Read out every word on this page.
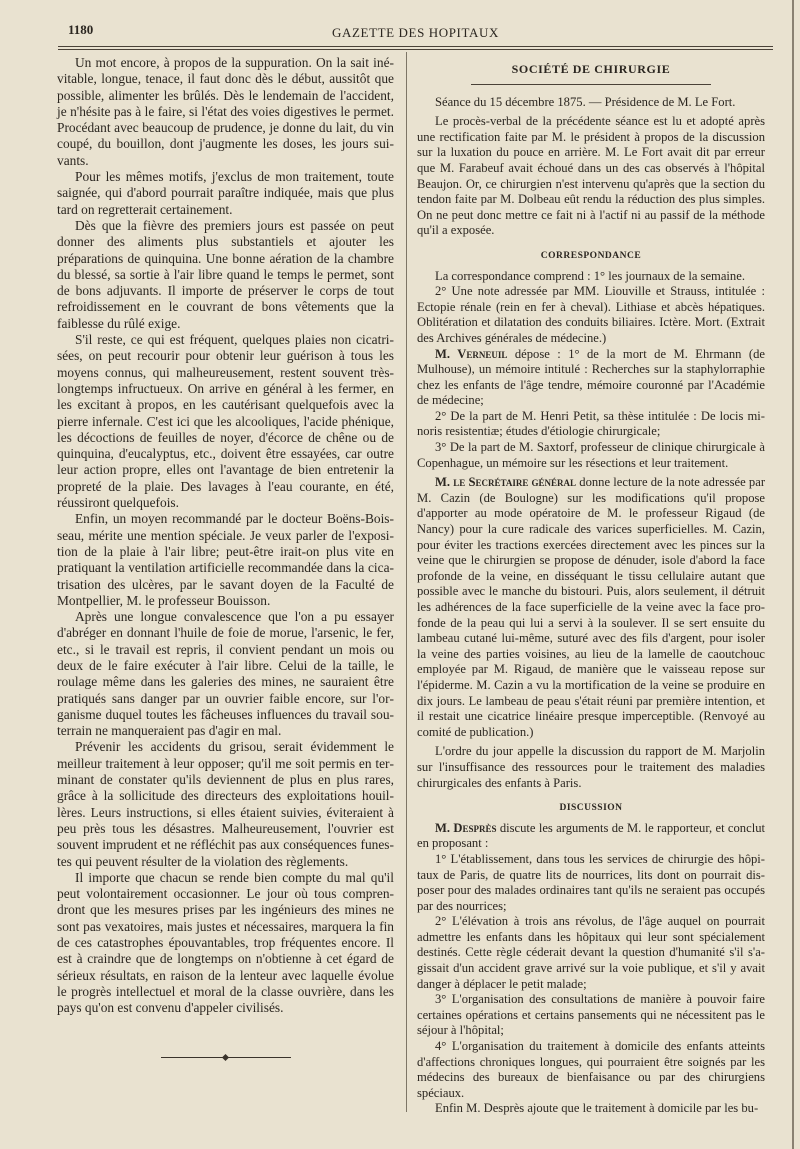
1180	GAZETTE DES HOPITAUX

Un mot encore, à propos de la suppuration. On la sait inévitable, longue, tenace, il faut donc dès le début, aussitôt que possible, alimenter les brûlés. Dès le lendemain de l'accident, je n'hésite pas à le faire, si l'état des voies digestives le permet. Procédant avec beaucoup de prudence, je donne du lait, du vin coupé, du bouillon, dont j'augmente les doses, les jours suivants.

Pour les mêmes motifs, j'exclus de mon traitement, toute saignée, qui d'abord pourrait paraître indiquée, mais que plus tard on regretterait certainement.

Dès que la fièvre des premiers jours est passée on peut donner des aliments plus substantiels et ajouter les préparations de quinquina. Une bonne aération de la chambre du blessé, sa sortie à l'air libre quand le temps le permet, sont de bons adjuvants. Il importe de préserver le corps de tout refroidissement en le couvrant de bons vêtements que la faiblesse du rûlé exige.

S'il reste, ce qui est fréquent, quelques plaies non cicatrisées, on peut recourir pour obtenir leur guérison à tous les moyens connus, qui malheureusement, restent souvent très-longtemps infructueux. On arrive en général à les fermer, en les excitant à propos, en les cautérisant quelquefois avec la pierre infernale. C'est ici que les alcooliques, l'acide phénique, les décoctions de feuilles de noyer, d'écorce de chêne ou de quinquina, d'eucalyptus, etc., doivent être essayées, car outre leur action propre, elles ont l'avantage de bien entretenir la propreté de la plaie. Des lavages à l'eau courante, en été, réussiront quelquefois.

Enfin, un moyen recommandé par le docteur Boëns-Boisseau, mérite une mention spéciale. Je veux parler de l'exposition de la plaie à l'air libre; peut-être irait-on plus vite en pratiquant la ventilation artificielle recommandée dans la cicatrisation des ulcères, par le savant doyen de la Faculté de Montpellier, M. le professeur Bouisson.

Après une longue convalescence que l'on a pu essayer d'abréger en donnant l'huile de foie de morue, l'arsenic, le fer, etc., si le travail est repris, il convient pendant un mois ou deux de le faire exécuter à l'air libre. Celui de la taille, le roulage même dans les galeries des mines, ne sauraient être pratiqués sans danger par un ouvrier faible encore, sur l'organisme duquel toutes les fâcheuses influences du travail souterrain ne manqueraient pas d'agir en mal.

Prévenir les accidents du grisou, serait évidemment le meilleur traitement à leur opposer; qu'il me soit permis en terminant de constater qu'ils deviennent de plus en plus rares, grâce à la sollicitude des directeurs des exploitations houillères. Leurs instructions, si elles étaient suivies, éviteraient à peu près tous les désastres. Malheureusement, l'ouvrier est souvent imprudent et ne réfléchit pas aux conséquences funestes qui peuvent résulter de la violation des règlements.

Il importe que chacun se rende bien compte du mal qu'il peut volontairement occasionner. Le jour où tous comprendront que les mesures prises par les ingénieurs des mines ne sont pas vexatoires, mais justes et nécessaires, marquera la fin de ces catastrophes épouvantables, trop fréquentes encore. Il est à craindre que de longtemps on n'obtienne à cet égard de sérieux résultats, en raison de la lenteur avec laquelle évolue le progrès intellectuel et moral de la classe ouvrière, dans les pays qu'on est convenu d'appeler civilisés.

SOCIÉTÉ DE CHIRURGIE

Séance du 15 décembre 1875. — Présidence de M. Le Fort.

Le procès-verbal de la précédente séance est lu et adopté après une rectification faite par M. le président à propos de la discussion sur la luxation du pouce en arrière. M. Le Fort avait dit par erreur que M. Farabeuf avait échoué dans un des cas observés à l'hôpital Beaujon. Or, ce chirurgien n'est intervenu qu'après que la section du tendon faite par M. Dolbeau eût rendu la réduction des plus simples. On ne peut donc mettre ce fait ni à l'actif ni au passif de la méthode qu'il a exposée.

CORRESPONDANCE

La correspondance comprend : 1° les journaux de la semaine.

2° Une note adressée par MM. Liouville et Strauss, intitulée : Ectopie rénale (rein en fer à cheval). Lithiase et abcès hépatiques. Oblitération et dilatation des conduits biliaires. Ictère. Mort. (Extrait des Archives générales de médecine.)

M. Verneuil dépose : 1° de la mort de M. Ehrmann (de Mulhouse), un mémoire intitulé : Recherches sur la staphylorraphie chez les enfants de l'âge tendre, mémoire couronné par l'Académie de médecine;

2° De la part de M. Henri Petit, sa thèse intitulée : De locis minoris resistentiæ; études d'étiologie chirurgicale;

3° De la part de M. Saxtorf, professeur de clinique chirurgicale à Copenhague, un mémoire sur les résections et leur traitement.

M. le Secrétaire général donne lecture de la note adressée par M. Cazin (de Boulogne) sur les modifications qu'il propose d'apporter au mode opératoire de M. le professeur Rigaud (de Nancy) pour la cure radicale des varices superficielles. M. Cazin, pour éviter les tractions exercées directement avec les pinces sur la veine que le chirurgien se propose de dénuder, isole d'abord la face profonde de la veine, en disséquant le tissu cellulaire autant que possible avec le manche du bistouri. Puis, alors seulement, il détruit les adhérences de la face superficielle de la veine avec la face profonde de la peau qui lui a servi à la soulever. Il se sert ensuite du lambeau cutané lui-même, suturé avec des fils d'argent, pour isoler la veine des parties voisines, au lieu de la lamelle de caoutchouc employée par M. Rigaud, de manière que le vaisseau repose sur l'épiderme. M. Cazin a vu la mortification de la veine se produire en dix jours. Le lambeau de peau s'était réuni par première intention, et il restait une cicatrice linéaire presque imperceptible. (Renvoyé au comité de publication.)

L'ordre du jour appelle la discussion du rapport de M. Marjolin sur l'insuffisance des ressources pour le traitement des maladies chirurgicales des enfants à Paris.

DISCUSSION

M. Desprès discute les arguments de M. le rapporteur, et conclut en proposant :

1° L'établissement, dans tous les services de chirurgie des hôpitaux de Paris, de quatre lits de nourrices, lits dont on pourrait disposer pour des malades ordinaires tant qu'ils ne seraient pas occupés par des nourrices;

2° L'élévation à trois ans révolus, de l'âge auquel on pourrait admettre les enfants dans les hôpitaux qui leur sont spécialement destinés. Cette règle céderait devant la question d'humanité s'il s'agissait d'un accident grave arrivé sur la voie publique, et s'il y avait danger à déplacer le petit malade;

3° L'organisation des consultations de manière à pouvoir faire certaines opérations et certains pansements qui ne nécessitent pas le séjour à l'hôpital;

4° L'organisation du traitement à domicile des enfants atteints d'affections chroniques longues, qui pourraient être soignés par les médecins des bureaux de bienfaisance ou par des chirurgiens spéciaux.

Enfin M. Desprès ajoute que le traitement à domicile par les bu-
